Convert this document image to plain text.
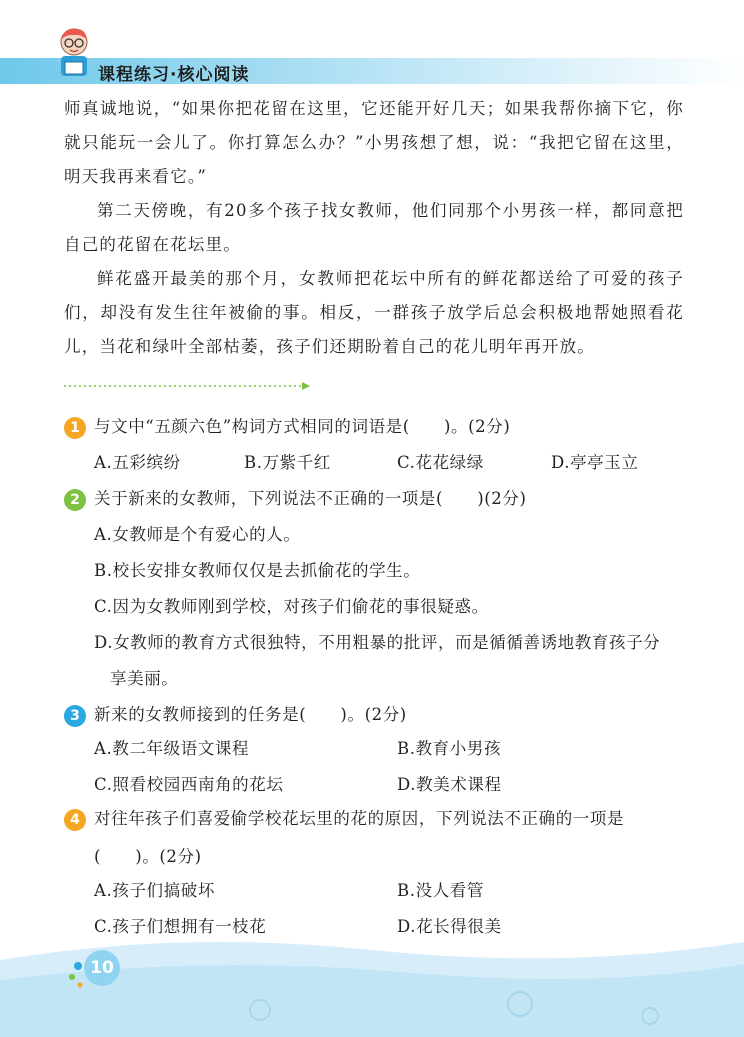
课程练习·核心阅读

师真诚地说，“如果你把花留在这里，它还能开好几天；如果我帮你摘下它，你就只能玩一会儿了。你打算怎么办？”小男孩想了想，说：“我把它留在这里，明天我再来看它。”

第二天傍晚，有20多个孩子找女教师，他们同那个小男孩一样，都同意把自己的花留在花坛里。

鲜花盛开最美的那个月，女教师把花坛中所有的鲜花都送给了可爱的孩子们，却没有发生往年被偷的事。相反，一群孩子放学后总会积极地帮她照看花儿，当花和绿叶全部枯萎，孩子们还期盼着自己的花儿明年再开放。

1 与文中“五颜六色”构词方式相同的词语是(　　)。(2分)
A.五彩缤纷	B.万紫千红	C.花花绿绿	D.亭亭玉立
2 关于新来的女教师，下列说法不正确的一项是(　　)(2分)
A.女教师是个有爱心的人。
B.校长安排女教师仅仅是去抓偷花的学生。
C.因为女教师刚到学校，对孩子们偷花的事很疑惑。
D.女教师的教育方式很独特，不用粗暴的批评，而是循循善诱地教育孩子分
享美丽。
3 新来的女教师接到的任务是(　　)。(2分)
A.教二年级语文课程	B.教育小男孩
C.照看校园西南角的花坛	D.教美术课程
4 对往年孩子们喜爱偷学校花坛里的花的原因，下列说法不正确的一项是
(　　)。(2分)
A.孩子们搞破坏	B.没人看管
C.孩子们想拥有一枝花	D.花长得很美
10
